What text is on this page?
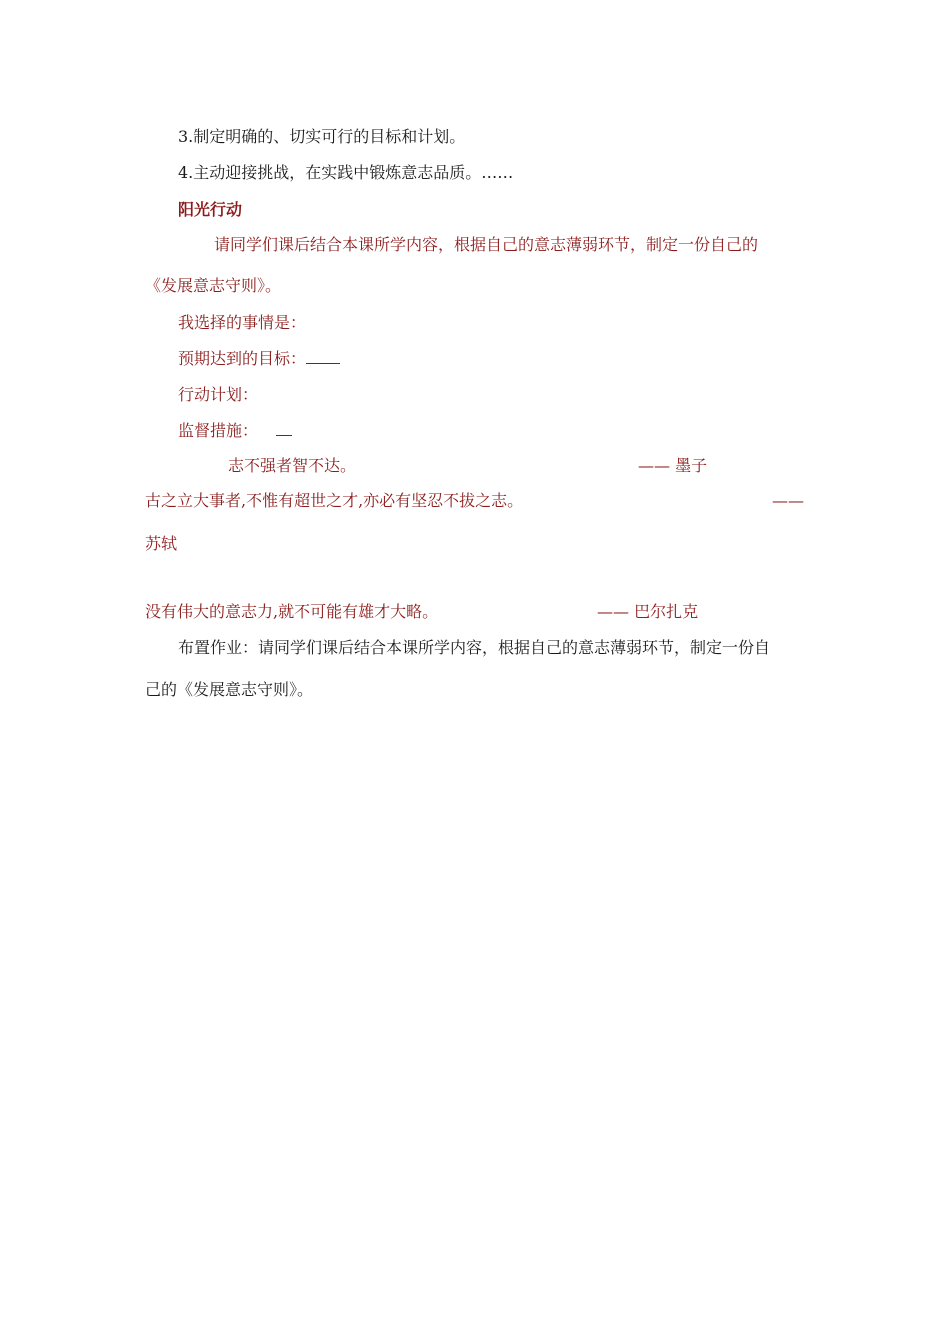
3.制定明确的、切实可行的目标和计划。
4.主动迎接挑战，在实践中锻炼意志品质。……
阳光行动
请同学们课后结合本课所学内容，根据自己的意志薄弱环节，制定一份自己的
《发展意志守则》。
我选择的事情是：
预期达到的目标：
行动计划：
监督措施：
志不强者智不达。	—— 墨子
古之立大事者,不惟有超世之才,亦必有坚忍不拔之志。	——
苏轼
没有伟大的意志力,就不可能有雄才大略。	—— 巴尔扎克
布置作业：请同学们课后结合本课所学内容，根据自己的意志薄弱环节，制定一份自
己的《发展意志守则》。
